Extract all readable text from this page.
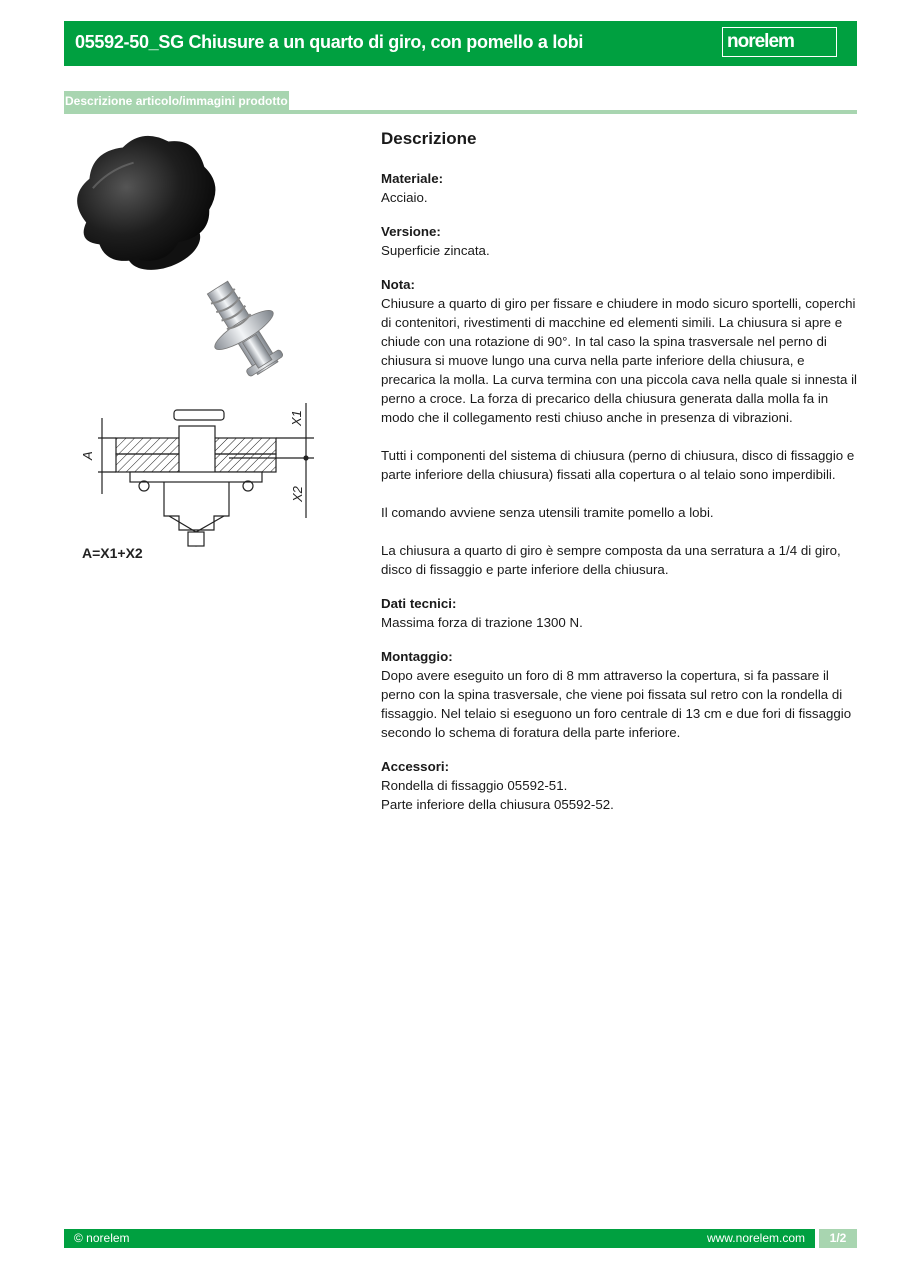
05592-50_SG Chiusure a un quarto di giro, con pomello a lobi	norelem
Descrizione articolo/immagini prodotto
A
X1
X2
A=X1+X2
Descrizione
Materiale:
Acciaio.
Versione:
Superficie zincata.
Nota:
Chiusure a quarto di giro per fissare e chiudere in modo sicuro sportelli, coperchi di contenitori, rivestimenti di macchine ed elementi simili. La chiusura si apre e chiude con una rotazione di 90°. In tal caso la spina trasversale nel perno di chiusura si muove lungo una curva nella parte inferiore della chiusura, e precarica la molla. La curva termina con una piccola cava nella quale si innesta il perno a croce. La forza di precarico della chiusura generata dalla molla fa in modo che il collegamento resti chiuso anche in presenza di vibrazioni.
Tutti i componenti del sistema di chiusura (perno di chiusura, disco di fissaggio e parte inferiore della chiusura) fissati alla copertura o al telaio sono imperdibili.
Il comando avviene senza utensili tramite pomello a lobi.
La chiusura a quarto di giro è sempre composta da una serratura a 1/4 di giro, disco di fissaggio e parte inferiore della chiusura.
Dati tecnici:
Massima forza di trazione 1300 N.
Montaggio:
Dopo avere eseguito un foro di 8 mm attraverso la copertura, si fa passare il perno con la spina trasversale, che viene poi fissata sul retro con la rondella di fissaggio. Nel telaio si eseguono un foro centrale di 13 cm e due fori di fissaggio secondo lo schema di foratura della parte inferiore.
Accessori:
Rondella di fissaggio 05592-51.
Parte inferiore della chiusura 05592-52.
© norelem	www.norelem.com	1/2
